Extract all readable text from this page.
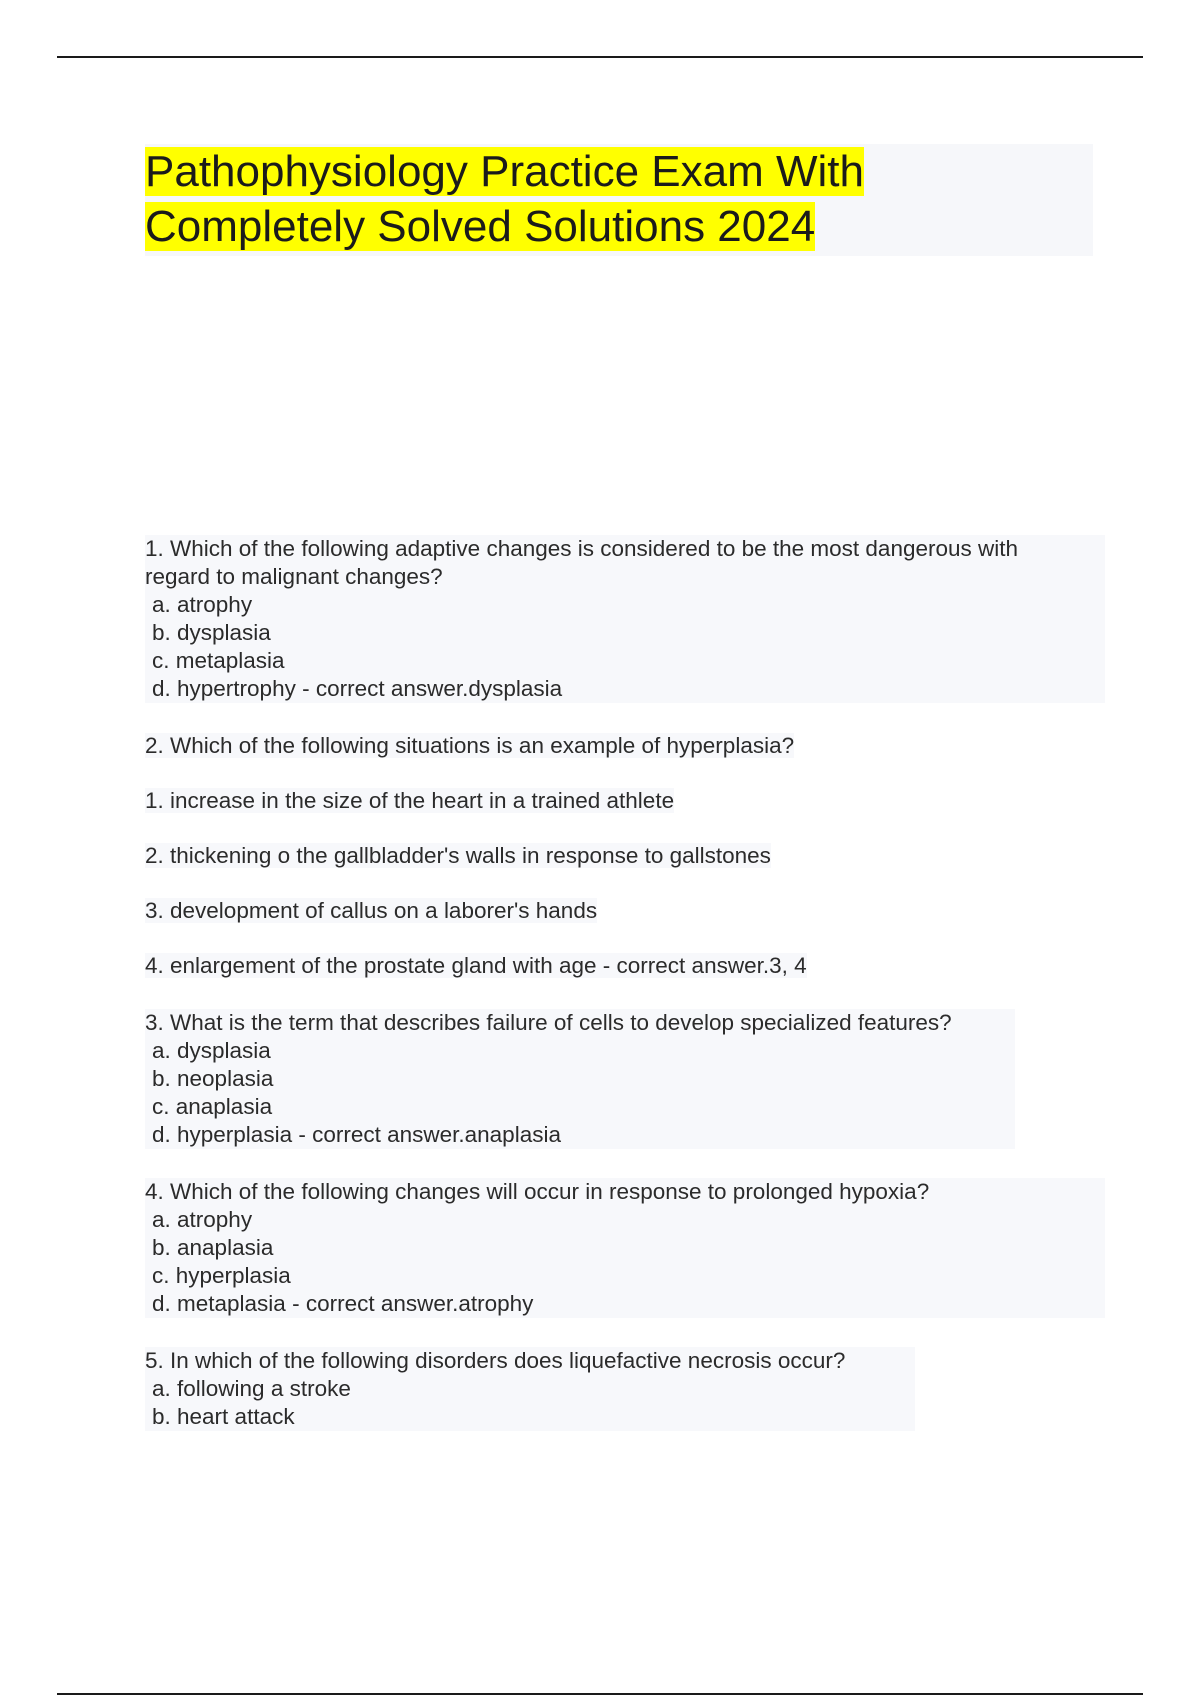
Pathophysiology Practice Exam With
Completely Solved Solutions 2024

1. Which of the following adaptive changes is considered to be the most dangerous with

regard to malignant changes?

a. atrophy

b. dysplasia

c. metaplasia

d. hypertrophy - correct answer.dysplasia

2. Which of the following situations is an example of hyperplasia?

1. increase in the size of the heart in a trained athlete

2. thickening o the gallbladder's walls in response to gallstones

3. development of callus on a laborer's hands

4. enlargement of the prostate gland with age - correct answer.3, 4

3. What is the term that describes failure of cells to develop specialized features?

a. dysplasia

b. neoplasia

c. anaplasia

d. hyperplasia - correct answer.anaplasia

4. Which of the following changes will occur in response to prolonged hypoxia?

a. atrophy

b. anaplasia

c. hyperplasia

d. metaplasia - correct answer.atrophy

5. In which of the following disorders does liquefactive necrosis occur?

a. following a stroke

b. heart attack
